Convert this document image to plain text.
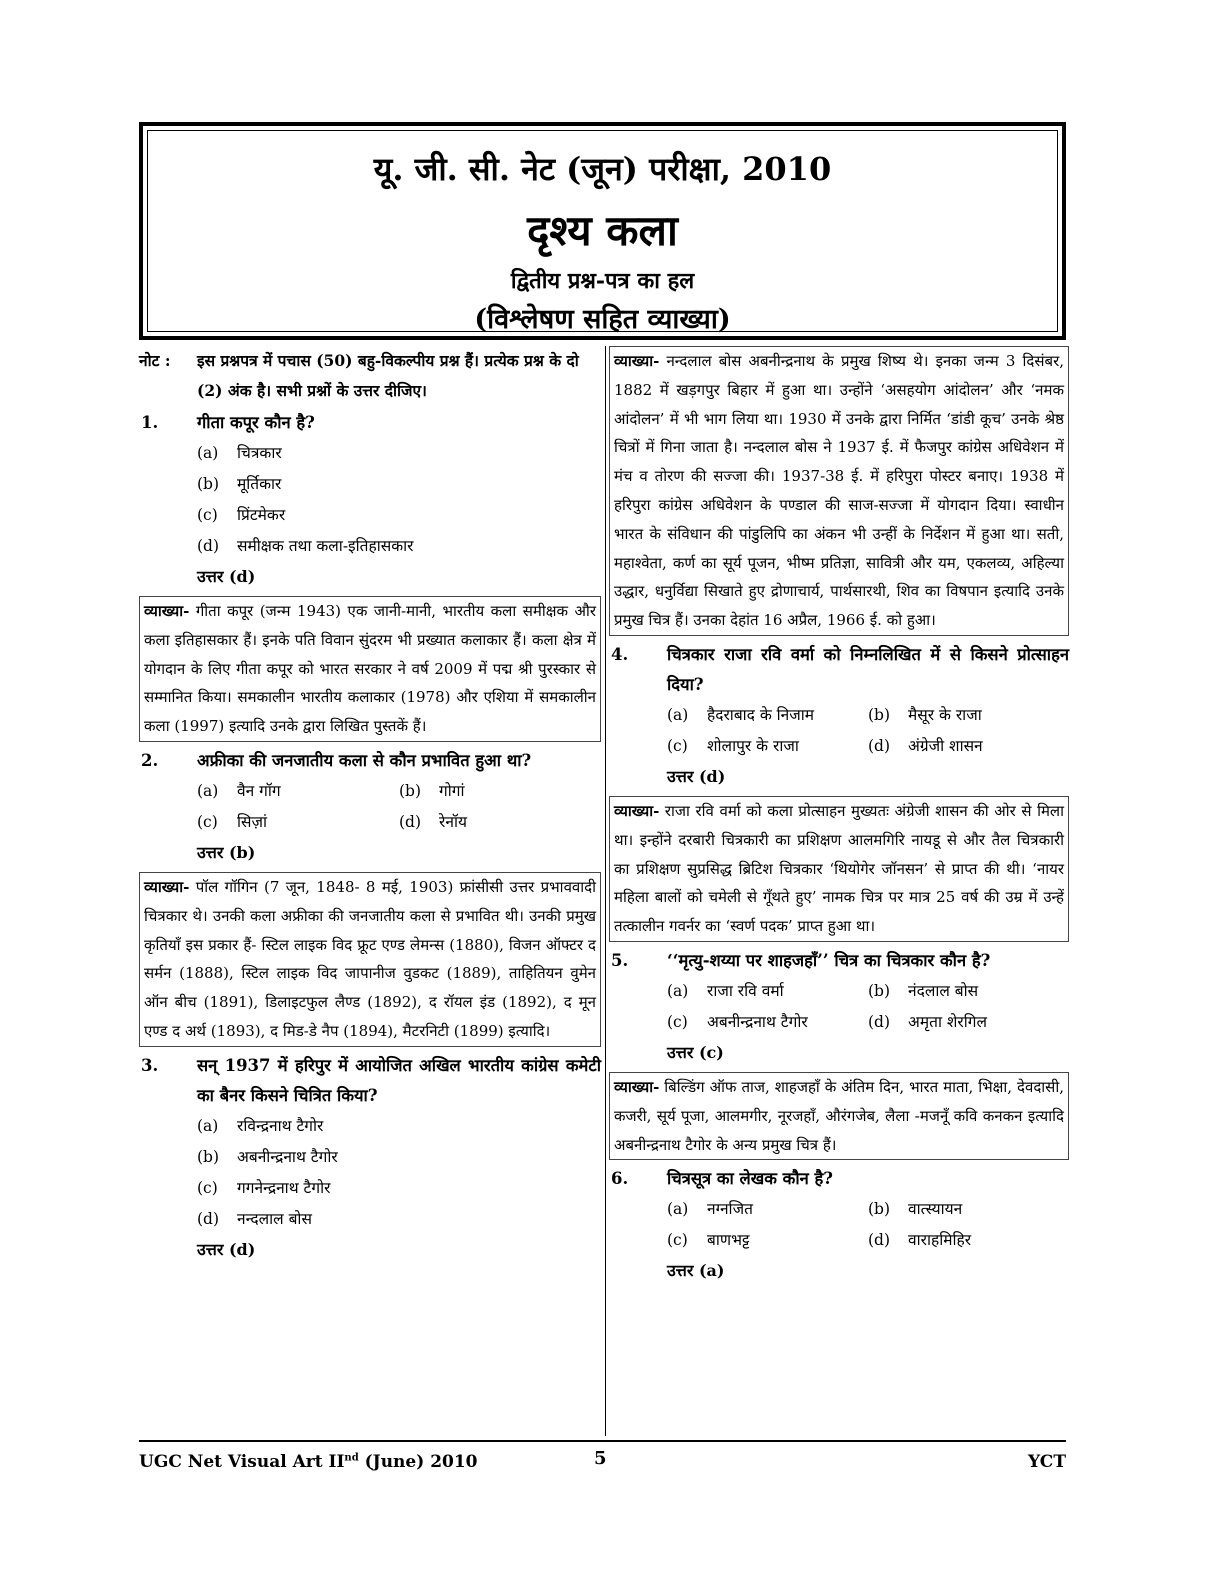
यू. जी. सी. नेट (जून) परीक्षा, 2010
दृश्य कला
द्वितीय प्रश्न-पत्र का हल
(विश्लेषण सहित व्याख्या)
नोट : इस प्रश्नपत्र में पचास (50) बहु-विकल्पीय प्रश्न हैं। प्रत्येक प्रश्न के दो (2) अंक है। सभी प्रश्नों के उत्तर दीजिए।
1. गीता कपूर कौन है?
(a) चित्रकार
(b) मूर्तिकार
(c) प्रिंटमेकर
(d) समीक्षक तथा कला-इतिहासकार
उत्तर (d)
व्याख्या- गीता कपूर (जन्म 1943) एक जानी-मानी, भारतीय कला समीक्षक और कला इतिहासकार हैं। इनके पति विवान सुंदरम भी प्रख्यात कलाकार हैं। कला क्षेत्र में योगदान के लिए गीता कपूर को भारत सरकार ने वर्ष 2009 में पद्म श्री पुरस्कार से सम्मानित किया। समकालीन भारतीय कलाकार (1978) और एशिया में समकालीन कला (1997) इत्यादि उनके द्वारा लिखित पुस्तकें हैं।
2. अफ्रीका की जनजातीय कला से कौन प्रभावित हुआ था?
(a) वैन गॉग	(b) गोगां
(c) सिज़ां	(d) रेनॉय
उत्तर (b)
व्याख्या- पॉल गॉगिन (7 जून, 1848- 8 मई, 1903) फ्रांसीसी उत्तर प्रभाववादी चित्रकार थे। उनकी कला अफ्रीका की जनजातीय कला से प्रभावित थी। उनकी प्रमुख कृतियाँ इस प्रकार हैं- स्टिल लाइक विद फ्रूट एण्ड लेमन्स (1880), विजन ऑफ्टर द सर्मन (1888), स्टिल लाइक विद जापानीज वुडकट (1889), ताहितियन वुमेन ऑन बीच (1891), डिलाइटफुल लैण्ड (1892), द रॉयल इंड (1892), द मून एण्ड द अर्थ (1893), द मिड-डे नैप (1894), मैटरनिटी (1899) इत्यादि।
3. सन् 1937 में हरिपुर में आयोजित अखिल भारतीय कांग्रेस कमेटी का बैनर किसने चित्रित किया?
(a) रविन्द्रनाथ टैगोर
(b) अबनीन्द्रनाथ टैगोर
(c) गगनेन्द्रनाथ टैगोर
(d) नन्दलाल बोस
उत्तर (d)
व्याख्या- नन्दलाल बोस अबनीन्द्रनाथ के प्रमुख शिष्य थे। इनका जन्म 3 दिसंबर, 1882 में खड़गपुर बिहार में हुआ था। उन्होंने ‘असहयोग आंदोलन’ और ‘नमक आंदोलन’ में भी भाग लिया था। 1930 में उनके द्वारा निर्मित ‘डांडी कूच’ उनके श्रेष्ठ चित्रों में गिना जाता है। नन्दलाल बोस ने 1937 ई. में फैजपुर कांग्रेस अधिवेशन में मंच व तोरण की सज्जा की। 1937-38 ई. में हरिपुरा पोस्टर बनाए। 1938 में हरिपुरा कांग्रेस अधिवेशन के पण्डाल की साज-सज्जा में योगदान दिया। स्वाधीन भारत के संविधान की पांडुलिपि का अंकन भी उन्हीं के निर्देशन में हुआ था। सती, महाश्वेता, कर्ण का सूर्य पूजन, भीष्म प्रतिज्ञा, सावित्री और यम, एकलव्य, अहिल्या उद्धार, धनुर्विद्या सिखाते हुए द्रोणाचार्य, पार्थसारथी, शिव का विषपान इत्यादि उनके प्रमुख चित्र हैं। उनका देहांत 16 अप्रैल, 1966 ई. को हुआ।
4. चित्रकार राजा रवि वर्मा को निम्नलिखित में से किसने प्रोत्साहन दिया?
(a) हैदराबाद के निजाम	(b) मैसूर के राजा
(c) शोलापुर के राजा	(d) अंग्रेजी शासन
उत्तर (d)
व्याख्या- राजा रवि वर्मा को कला प्रोत्साहन मुख्यतः अंग्रेजी शासन की ओर से मिला था। इन्होंने दरबारी चित्रकारी का प्रशिक्षण आलमगिरि नायडू से और तैल चित्रकारी का प्रशिक्षण सुप्रसिद्ध ब्रिटिश चित्रकार ‘थियोगेर जॉनसन’ से प्राप्त की थी। ‘नायर महिला बालों को चमेली से गूँथते हुए’ नामक चित्र पर मात्र 25 वर्ष की उम्र में उन्हें तत्कालीन गवर्नर का ‘स्वर्ण पदक’ प्राप्त हुआ था।
5. ‘‘मृत्यु-शय्या पर शाहजहाँ’’ चित्र का चित्रकार कौन है?
(a) राजा रवि वर्मा	(b) नंदलाल बोस
(c) अबनीन्द्रनाथ टैगोर	(d) अमृता शेरगिल
उत्तर (c)
व्याख्या- बिल्डिंग ऑफ ताज, शाहजहाँ के अंतिम दिन, भारत माता, भिक्षा, देवदासी, कजरी, सूर्य पूजा, आलमगीर, नूरजहाँ, औरंगजेब, लैला -मजनूँ कवि कनकन इत्यादि अबनीन्द्रनाथ टैगोर के अन्य प्रमुख चित्र हैं।
6. चित्रसूत्र का लेखक कौन है?
(a) नग्नजित	(b) वात्स्यायन
(c) बाणभट्ट	(d) वाराहमिहिर
उत्तर (a)
UGC Net Visual Art IInd (June) 2010	5	YCT
